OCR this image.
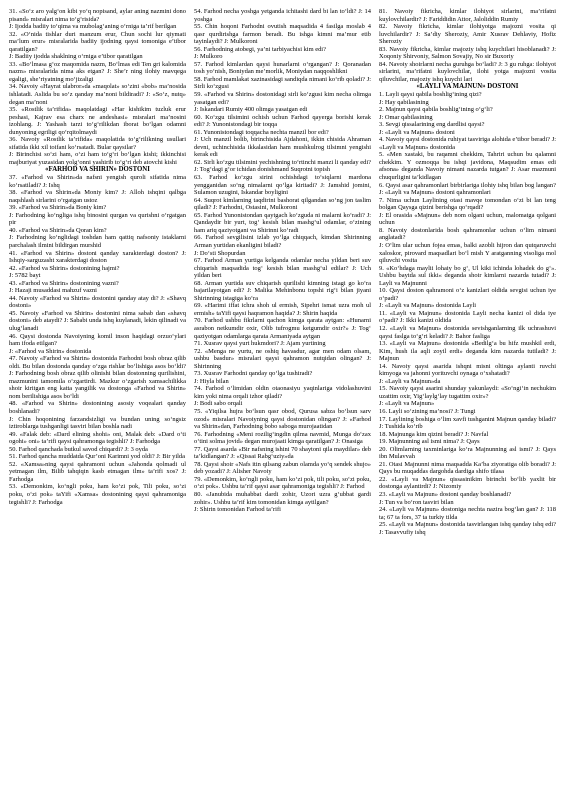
31. «So‘z aro yalg‘on kibi yo‘q nopisand, aylar aning nazmini dono pisand» misralari nima to‘g‘risida?

J: Ijodda badiiy to‘qima va mubolag‘aning o‘rniga ta’rif berilgan

32. «O‘nida tishlar duri manzum erur, Chun sochi lur qiymati ma’lum erur» misralarida badiiy ijodning qaysi tomoniga e’tibor qaratilgan?

J: Badiiy ijodda shaklning o‘rniga e’tibor qaratilgan

33. «Bo‘lmasa g‘oz maqomida nazm, Bo‘lmas edi Ten gri kalomida nazm» misralarida nima aks etgan? J: She’r ning ilohiy mavqega egaligi, she’riyatning mo‘jizaligi

34. Navoiy «Hayrat ulabror»da «maqolat» so‘zini «bob» ma’nosida ishlatadi. Aslida bu so‘z qanday ma’noni bildiradi? J: «So‘z, nutq» degan ma’noni

35. «Rostlik ta’rifida» maqolatdagi «Har kishikim tuzluk erur peshasi, Kajrav esa charx ne andeshasi» misralari ma’nosini izohlang. J: Yashash tarzi to‘g‘rilikdan iborat bo‘lgan odamni dunyoning egriligi qo‘rqitolmaydi

36. Navoiy «Rostlik ta’rifida» maqolatida to‘g‘rilikning usullari sifatida ikki xil toifani ko‘rsatadi. Bular qaysilar?

J: Birinchisi so‘zi ham, o‘zi ham to‘g‘ri bo‘lgan kishi; ikkinchisi majburiyat yuzasidan yolg‘onni yashirib to‘g‘ri deb atovchi kishi

«FARHOD VA SHIRIN» DOSTONI

37. «Farhod va Shirin»da nafsni yengish quroli sifatida nima ko‘rsatiladi? J: Ishq

38. «Farhod va Shirin»da Moniy kim? J: Alloh ishqini qalbga naqshlash sirlarini o‘rgatgan ustoz

39. «Farhod va Shirin»da Boniy kim?

J: Farhodning ko‘ngliga ishq binosini qurgan va qurishni o‘rgatgan pir

40. «Farhod va Shirin»da Qoran kim?

J: Farhodning ko‘nglidagi toshdan ham qattiq nafsoniy istaklarni parchalash ilmini bildirgan murshid

41. «Farhod va Shirin» dostoni qanday xarakterdagi doston? J: Ishqiy-sarguzasht xarakterdagi doston

42. «Farhod va Shirin» dostonining hajmi?

J: 5782 bayt

43. «Farhod va Shirin» dostonining vazni?

J: Hazaji musaddasi mahzuf vazni

44. Navoiy «Farhod va Shirin» dostonini qanday atay di? J: «Shavq dostoni»

45. Navoiy «Farhod va Shirin» dostonini nima sabab dan «shavq dostoni» deb ataydi? J: Sababi unda ishq kuylanadi, lekin qilinadi va ulug‘lanadi

46. Qaysi dostonda Navoiyning komil inson haqidagi orzuo‘ylari ham ifoda etilgan?

J: «Farhod va Shirin» dostonida

47. Navoiy «Farhod va Shirin» dostonida Farhodni bosh obraz qilib oldi. Bu bilan dostonda qanday o‘zga rishlar bo‘lishiga asos bo‘ldi? J: Farhodning bosh obraz qilib olinishi bilan dostonning qurilishini, mazmunini tamomila o‘zgartirdi. Mazkur o‘zgarish xamsachilikka shoir kiritgan eng katta yangilik va dostonga «Farhod va Shirin» nom berilishiga asos bo‘ldi

48. «Farhod va Shirin» dostonining asosiy voqealari qanday boshlanadi?

J: Chin hoqonining farzandsizligi va bundan uning so‘ngsiz iztiroblarga tushganligi tasviri bilan boshla nadi

49. «Falak deb: «Dard elining shohi» oni, Malak deb: «Dard o‘ti ogohi» oni» ta’rifi qaysi qahramonga tegishli? J: Farhodga

50. Farhod qanchada butkul savod chiqardi? J: 3 oyda

51. Farhod qancha muddatda Qur’oni Karimni yod oldi? J: Bir yilda

52. «Xamsa»ning qaysi qahramoni uchun «Jahonda qolmadi ul yetmagan ilm, Bilib tahqiqin kasb etmagan ilm» ta’rifi xos? J: Farhodga

53. «Demonkim, ko‘ngli poku, ham ko‘zi pok, Tili poku, so‘zi poku, o‘zi pok» taYifi «Xamsa» dostonining qaysi qahramoniga tegishli? J: Farhodga

54. Farhod necha yoshga yetganda ichitashi dard bi lan to‘ldi? J: 14 yoshga

55. Chin hoqoni Farhodni ovutish maqsadida 4 fasilga moslab 4 qasr qurdirishga farmon beradi. Bu ishga kimni ma’mur etib tayinlaydi? J: Mulkoroni

56. Farhodning atobegi, ya’ni tarbiyachisi kim edi?

J: Mulkoro

57. Farhod kimlardan qaysi hunarlarni o‘rgangan? J: Qoranadan tosh yo‘nish, Boniydan me’morlik, Moniydan naqqoshlikni

58. Farhod mamlakat xazinasidagi sandiqda nimani ko‘rib qoladi? J: Sirli ko‘zgusi

59. «Farhod va Shirin» dostonidagi sirli ko‘zgusi kim necha olimga yasatgan edi?

J: Iskandari Rumiy 400 olimga yasatgan edi

60. Ko‘zgu tilsimini ochish uchun Farhod qayerga borishi kerak edi? J: Yunonistondagi bir toqqa

61. Yunonistondagi toqqacha nechta manzil bor edi?

J: Uch manzil bolib, birinchisida Ajdahoni, ikkin chisida Ahraman devni, uchinchisida ikkalasidan ham mushkulrog tilsimni yengishi kerak edi

62. Sirli ko‘zgu tilsimini yechishning to‘rtinchi manzi li qanday edi? J: Tog‘dagi g‘or ichidan donishmand Suqrotni topish

63. Farhod ko‘zgu sirini ochishdagi to‘siqlarni mardona yengganidan so‘ng nimalarni qo‘lga kiritadi? J: Jamshid jomini, Sulamon uzugini, Iskandar boyligini

64. Suqrot kimlarning taqdirini bashorat qilgandan so‘ng jon taslim qiladi? J: Farhodni, Ostasini, Mulkoroni

65. Farhod Yunonistondan qaytgach ko‘zguda ni malarni ko‘radi? J: Qandaydir bir yurt, tog‘ kesish bilan mashg‘ul odamlar, o‘zining ham ariq qaziyotgani va Shirinni ko‘radi

66. Farhod sevgilisini izlab yo‘lga chiqqach, kimdan Shirinning Arman yurtidan ekanligini biladi?

J: Do‘sti Shopurdan

67. Farhod Arman yurtiga kelganda odamlar necha yildan beri suv chiqarish maqsadida tog‘ kesish bilan mashg‘ul edilar? J: Uch yildan beri

68. Arman yurtida suv chiqarish qurilishi kimning istagi go ko‘ra bajarilayotgan edi? J: Malika Mehinbonu topshi rig‘i bilan jiyani Shirinning istagiga ko‘ra

69. «Harimi iffat ichra shoh ul ermish, Sipehri ismat uzra moh ul ermish» taYifi qaysi haqramon haqida? J: Shirin haqida

70. Farhod ushbu fikrlarni qachon kimga qarata aytgan: «Hunarni asrabon netkumdir oxir, Olib tufrogmu ketgumdir oxir?» J: Tog‘ qaziyotgan odamlarga qarata Armaniyada aytgan

71. Xusrav qaysi yurt hukmdori? J: Ajam yurtining

72. «Menga ne yurtu, ne oshiq havasdur, agar men odam olsam, ushbu basdur» misralari qaysi qahramon nutqidan olingan? J: Shirinning

73. Xusrav Farhodni qanday qo‘lga tushiradi?

J: Hiyla bilan

74. Farhod o‘limidan oldin otaonasiyu yaqinlariga vidolashuvini kim yoki nima orqali izhor qiladi?

J: Bodi sabo orqali

75. «Yiqilsa hujra bo‘lsun qasr obod, Qurusa sabza bo‘lsun sarv ozod» misralari Navoiyning qaysi dostonidan olingan? J: «Farhod va Shirin»dan, Farhodning bobo saboga murojaatidan

76. Farhodning «Meni rozilig‘ingdin qilma navmid, Munga do‘zax o‘tini solma jovid» degan murojaati kimga qaratilgan? J: Onasiga

77. Qaysi asarda «Bir nafsning ishini 70 shaytoni qila maydilar» deb ta’kidlangan? J: «Qissai Rabg‘uziy»da

78. Qaysi shoir «Nafs itin qilsang zabun olamda yo‘q sendek shujo» deb yozadi? J: Alisher Navoiy

79. «Demonkim, ko‘ngli poku, ham ko‘zi pok, tili poku, so‘zi poku, o‘zi pok». Ushbu ta’rif qaysi asar qahramoniga tegishli? J: Farhod

80. «Janubida muhabbat dardi zohir, Uzori uzra g‘ubbat gardi zohir». Ushbu ta’rif kim tomonidan kimga aytilgan?

J: Shirin tomonidan Farhod ta’rifi

81. Navoiy fikricha, kimlar ilohiyot sirlarini, ma’rifatni kuylovchilardir? J: Fariddidin Attor, Jaloliddin Rumiy

82. Navoiy fikricha, kimlar ilohiyotga majozni vosita qi luvchilardir? J: Sa’diy Sheroziy, Amir Xusrav Dehlaviy, Hofiz Sheroziy

83. Navoiy fikricha, kimlar majoziy ishq kuychilari hisoblanadi? J: Xoqoniy Shirvoniy, Salmon Sovajiy, No sir Buxoriy

84. Navoiy shoirlarni necha guruhga bo‘ladi? J: 3 gu ruhga: ilohiyot sirlarini, ma’rifatni kuylovchilar, ilohi yotga majozni vosita qiluvchilar, majoziy ishq kuychi lari

«LAYLI VA MAJNUN» DOSTONI

1. Layli qaysi qabila boshlig‘ining qizi?

J: Hay qabilasining

2. Majnun qaysi qabila boshlig‘ining o‘g‘li?

J: Omar qabilasining

3. Sevgi qissalarining eng dardlisi qaysi?

J: «Layli va Majnun» dostoni

4. Navoiy qaysi dostonida ruhiyat tasviriga alohida e’tibor beradi? J: «Layli va Majnun» dostonida

5. «Men xastaki, bu raqamni chekkim, Tahriri uchun bu qalamni chekkim. Y ozmoqqa bu ishqi javidona, Maqsudim emas edi afsona» deganda Navoiy nimani nazarda tutgan? J: Asar mazmuni chuqurligini ta’kidlagan

6. Qaysi asar qahramonlari birbirlariga ilohiy ishq bilan bog langan? J: «Layli va Majnun» dostoni qahramonlari

7. Nima uchun Laylining otasi mavqe tomondan o‘zi bi lan teng bolgan Qaysga qizini berishga qo‘rqadi?

J: El orasida «Majnun» deb nom olgani uchun, malomatga qolgani uchun

8. Navoiy dostonlarida bosh qahramonlar uchun o‘lim nimani anglatadi?

J: O‘lim ular uchun fojea emas, balki azobli hijron dan qutqaruvchi xaloskor, pirovard maqsadlari bo‘l mish Y aratganning visoliga mol qiluvchi vosita

9. «Ko‘hdaga maylii lohaiy bo g‘, Ul kiki ichinda lohadek do g‘». Ushbu baytda sul ikki« deganda shoir kimlarni nazarda tutadi? J: Layli va Majnunni

10. Qaysi doston qahramoni o‘z kanizlari oldida sevgisi uchun iye o‘padi?

J: «Layli va Majnun» dostonida Layli

11. «Layli va Majnun» dostonida Layli necha kanizi ol dida iye o‘padi? J: Ikki kanizi oldida

12. «Layli va Majnun» dostonida sevishganlarning ilk uchrashuvi qaysi faslga to‘g‘ri keladi? J: Bahor fasliga

13. «Layli va Majnun» dostonida «Bedilg‘a bu hifz mushkil erdi, Kim, hush ila aqli zoyil erdi» deganda kim nazarda tutiladi? J: Majnun

14. Navoiy qaysi asarida ishqni misni oltinga aylanti ruvchi kimyoga va jahonni yorituvchi oynaga o‘xshatadi?

J: «Layli va Majnun»da

15. Navoiy qaysi asarini shunday yakunlaydi: «So‘ngi‘in nechukim uzattim oxir, Yig‘laylg‘lay tugattim oxir»?

J: «Layli va Majnun»

16. Layli so‘zining ma’nosi? J: Tungi

17. Laylining boshiga o‘lim xavfi tushganini Majnun qanday biladi? J: Tushida ko‘rib

18. Majnunga kim qizini beradi? J: Navfal

19. Majnunning asl ismi nima? J: Qays

20. Olimlarning taxminlariga ko‘ra Majnunning asl ismi? J: Qays ibn Mulavvah

21. Otasi Majnunni nima maqsadda Ka’ba ziyoratiga olib boradi? J: Qays bu muqaddas dargohda dardiga shifo tilasa

22. «Layli va Majnun» qissasinikim birinchi bo‘lib yaxlit bir dostonga aylantirdi? J: Nizomiy

23. «Layli va Majnun» dostoni qanday boshlanadi?

J: Tun va bo‘ron tasviri bilan

24. «Layli va Majnun» dostoniga nechta nazira bog‘lan gan? J: 118 ta; 67 ta fors, 37 ta turkiy tilda

25. «Layli va Majnun» dostonida tasvirlangan ishq qanday ishq edi? J: Tasavvufiy ishq
